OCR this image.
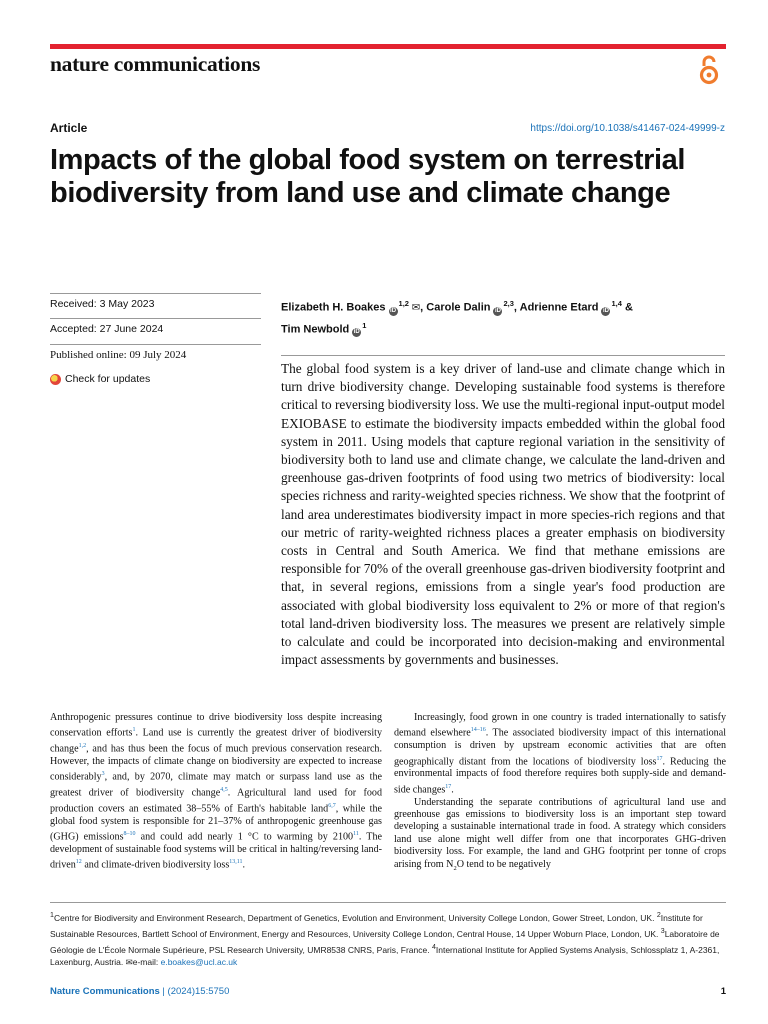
nature communications
Article	https://doi.org/10.1038/s41467-024-49999-z
Impacts of the global food system on terrestrial biodiversity from land use and climate change
Received: 3 May 2023
Accepted: 27 June 2024
Published online: 09 July 2024
Check for updates
Elizabeth H. Boakes iD$^{1,2}$ ✉, Carole Dalin iD$^{2,3}$, Adrienne Etard iD$^{1,4}$ &
Tim Newbold $iD^1$
The global food system is a key driver of land-use and climate change which in turn drive biodiversity change. Developing sustainable food systems is therefore critical to reversing biodiversity loss. We use the multi-regional input-output model EXIOBASE to estimate the biodiversity impacts embedded within the global food system in 2011. Using models that capture regional variation in the sensitivity of biodiversity both to land use and climate change, we calculate the land-driven and greenhouse gas-driven footprints of food using two metrics of biodiversity: local species richness and rarity-weighted species richness. We show that the footprint of land area underestimates biodiversity impact in more species-rich regions and that our metric of rarity-weighted richness places a greater emphasis on biodiversity costs in Central and South America. We find that methane emissions are responsible for 70% of the overall greenhouse gas-driven biodiversity footprint and that, in several regions, emissions from a single year's food production are associated with global biodiversity loss equivalent to 2% or more of that region's total land-driven biodiversity loss. The measures we present are relatively simple to calculate and could be incorporated into decision-making and environmental impact assessments by governments and businesses.

Anthropogenic pressures continue to drive biodiversity loss despite increasing conservation efforts$^1$. Land use is currently the greatest driver of biodiversity change$^{1,2}$, and has thus been the focus of much previous conservation research. However, the impacts of climate change on biodiversity are expected to increase considerably$^3$, and, by 2070, climate may match or surpass land use as the greatest driver of biodiversity change$^{4,5}$. Agricultural land used for food production covers an estimated 38–55% of Earth's habitable land$^{6,7}$, while the global food system is responsible for 21–37% of anthropogenic greenhouse gas (GHG) emissions$^{8-10}$ and could add nearly 1 °C to warming by 2100$^{11}$. The development of sustainable food systems will be critical in halting/reversing land-driven$^{12}$ and climate-driven biodiversity loss$^{13,11}$.

Increasingly, food grown in one country is traded internationally to satisfy demand elsewhere$^{14-16}$. The associated biodiversity impact of this international consumption is driven by upstream economic activities that are often geographically distant from the locations of biodiversity loss$^{17}$. Reducing the environmental impacts of food therefore requires both supply-side and demand-side changes$^{17}$.

Understanding the separate contributions of agricultural land use and greenhouse gas emissions to biodiversity loss is an important step toward developing a sustainable international trade in food. A strategy which considers land use alone might well differ from one that incorporates GHG-driven biodiversity loss. For example, the land and GHG footprint per tonne of crops arising from $N_2O$ tend to be negatively

$^1$Centre for Biodiversity and Environment Research, Department of Genetics, Evolution and Environment, University College London, Gower Street, London, UK. $^2$Institute for Sustainable Resources, Bartlett School of Environment, Energy and Resources, University College London, Central House, 14 Upper Woburn Place, London, UK. $^3$Laboratoire de Géologie de L'École Normale Supérieure, PSL Research University, UMR8538 CNRS, Paris, France. $^4$International Institute for Applied Systems Analysis, Schlossplatz 1, A-2361, Laxenburg, Austria. ✉e-mail: e.boakes@ucl.ac.uk
Nature Communications | (2024)15:5750	1
